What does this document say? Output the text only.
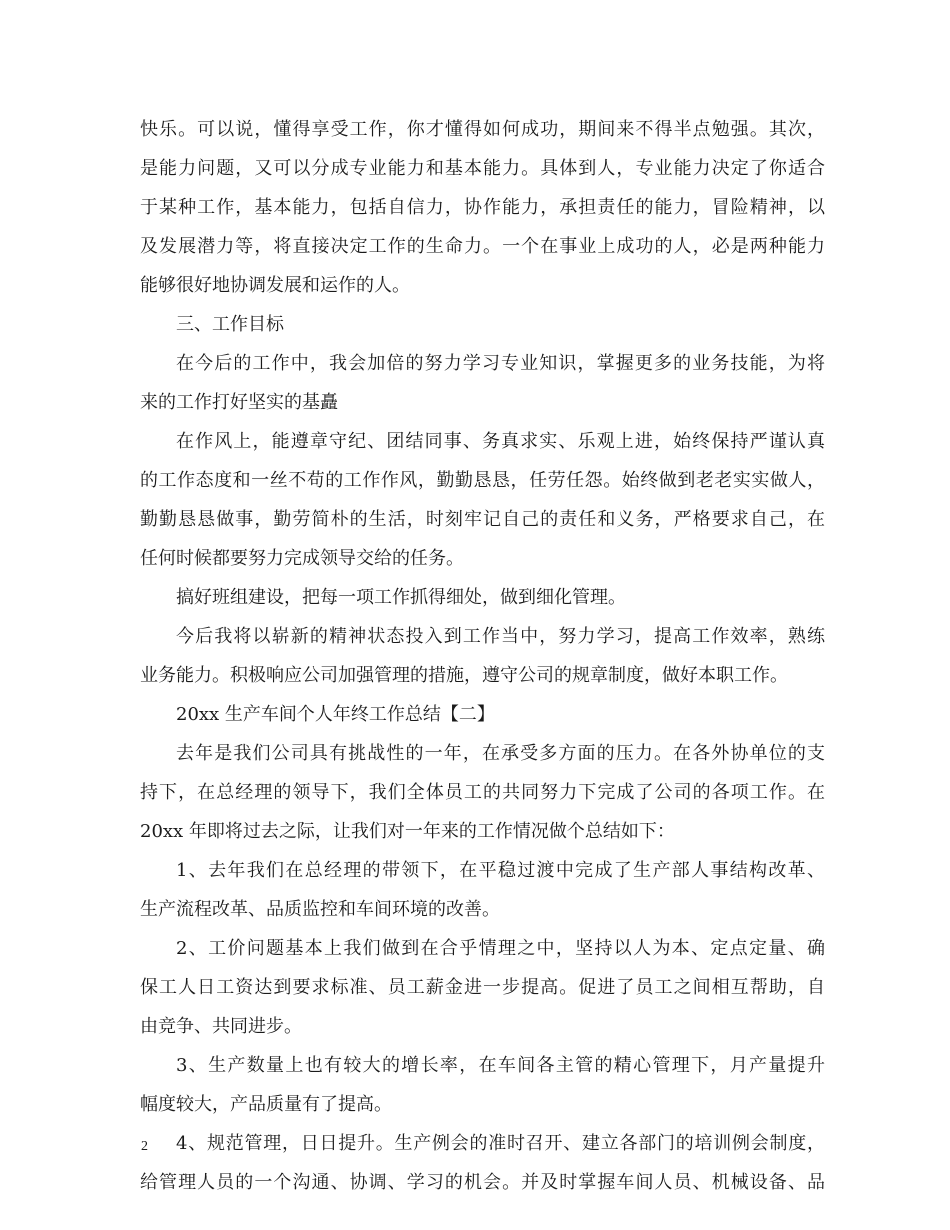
快乐。可以说，懂得享受工作，你才懂得如何成功，期间来不得半点勉强。其次，
是能力问题，又可以分成专业能力和基本能力。具体到人，专业能力决定了你适合
于某种工作，基本能力，包括自信力，协作能力，承担责任的能力，冒险精神，以
及发展潜力等，将直接决定工作的生命力。一个在事业上成功的人，必是两种能力
能够很好地协调发展和运作的人。
三、工作目标
在今后的工作中，我会加倍的努力学习专业知识，掌握更多的业务技能，为将
来的工作打好坚实的基矗
在作风上，能遵章守纪、团结同事、务真求实、乐观上进，始终保持严谨认真
的工作态度和一丝不苟的工作作风，勤勤恳恳，任劳任怨。始终做到老老实实做人，
勤勤恳恳做事，勤劳简朴的生活，时刻牢记自己的责任和义务，严格要求自己，在
任何时候都要努力完成领导交给的任务。
搞好班组建设，把每一项工作抓得细处，做到细化管理。
今后我将以崭新的精神状态投入到工作当中，努力学习，提高工作效率，熟练
业务能力。积极响应公司加强管理的措施，遵守公司的规章制度，做好本职工作。
20xx 生产车间个人年终工作总结【二】
去年是我们公司具有挑战性的一年，在承受多方面的压力。在各外协单位的支
持下，在总经理的领导下，我们全体员工的共同努力下完成了公司的各项工作。在
20xx 年即将过去之际，让我们对一年来的工作情况做个总结如下：
1、去年我们在总经理的带领下，在平稳过渡中完成了生产部人事结构改革、
生产流程改革、品质监控和车间环境的改善。
2、工价问题基本上我们做到在合乎情理之中，坚持以人为本、定点定量、确
保工人日工资达到要求标准、员工薪金进一步提高。促进了员工之间相互帮助，自
由竞争、共同进步。
3、生产数量上也有较大的增长率，在车间各主管的精心管理下，月产量提升
幅度较大，产品质量有了提高。
4、规范管理，日日提升。生产例会的准时召开、建立各部门的培训例会制度，
给管理人员的一个沟通、协调、学习的机会。并及时掌握车间人员、机械设备、品
2
